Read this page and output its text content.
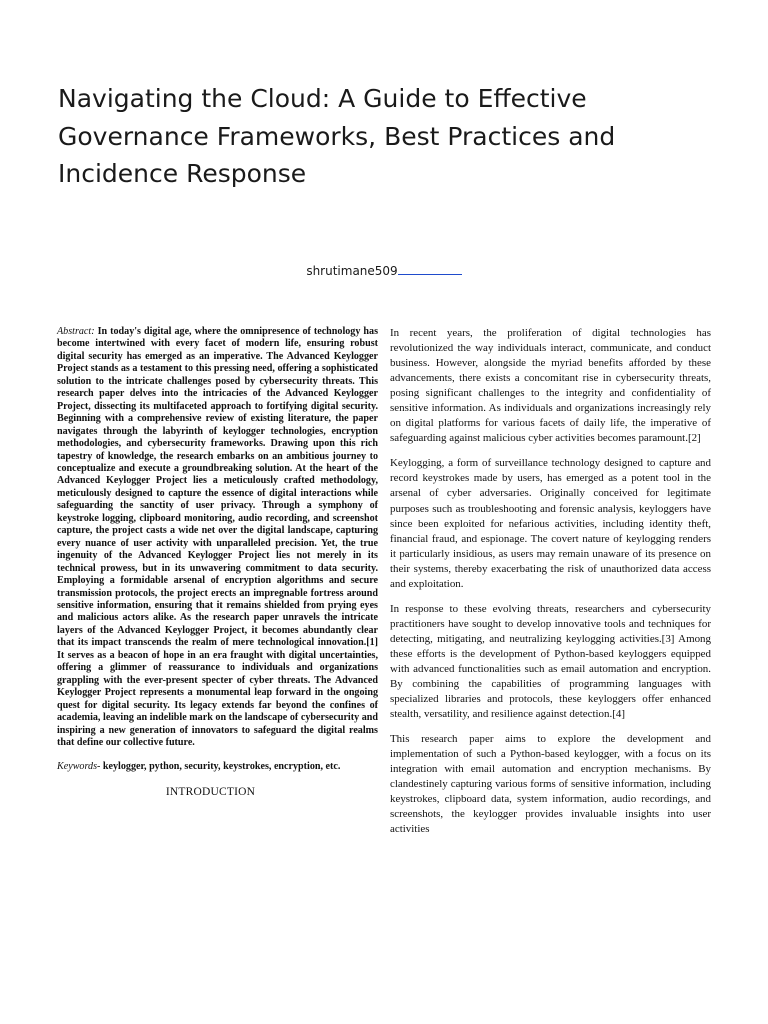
Navigating the Cloud: A Guide to Effective Governance Frameworks, Best Practices and Incidence Response
shrutimane509

Abstract: In today's digital age, where the omnipresence of technology has become intertwined with every facet of modern life, ensuring robust digital security has emerged as an imperative. The Advanced Keylogger Project stands as a testament to this pressing need, offering a sophisticated solution to the intricate challenges posed by cybersecurity threats. This research paper delves into the intricacies of the Advanced Keylogger Project, dissecting its multifaceted approach to fortifying digital security. Beginning with a comprehensive review of existing literature, the paper navigates through the labyrinth of keylogger technologies, encryption methodologies, and cybersecurity frameworks. Drawing upon this rich tapestry of knowledge, the research embarks on an ambitious journey to conceptualize and execute a groundbreaking solution. At the heart of the Advanced Keylogger Project lies a meticulously crafted methodology, meticulously designed to capture the essence of digital interactions while safeguarding the sanctity of user privacy. Through a symphony of keystroke logging, clipboard monitoring, audio recording, and screenshot capture, the project casts a wide net over the digital landscape, capturing every nuance of user activity with unparalleled precision. Yet, the true ingenuity of the Advanced Keylogger Project lies not merely in its technical prowess, but in its unwavering commitment to data security. Employing a formidable arsenal of encryption algorithms and secure transmission protocols, the project erects an impregnable fortress around sensitive information, ensuring that it remains shielded from prying eyes and malicious actors alike. As the research paper unravels the intricate layers of the Advanced Keylogger Project, it becomes abundantly clear that its impact transcends the realm of mere technological innovation.[1] It serves as a beacon of hope in an era fraught with digital uncertainties, offering a glimmer of reassurance to individuals and organizations grappling with the ever-present specter of cyber threats. The Advanced Keylogger Project represents a monumental leap forward in the ongoing quest for digital security. Its legacy extends far beyond the confines of academia, leaving an indelible mark on the landscape of cybersecurity and inspiring a new generation of innovators to safeguard the digital realms that define our collective future.

Keywords- keylogger, python, security, keystrokes, encryption, etc.

INTRODUCTION

In recent years, the proliferation of digital technologies has revolutionized the way individuals interact, communicate, and conduct business. However, alongside the myriad benefits afforded by these advancements, there exists a concomitant rise in cybersecurity threats, posing significant challenges to the integrity and confidentiality of sensitive information. As individuals and organizations increasingly rely on digital platforms for various facets of daily life, the imperative of safeguarding against malicious cyber activities becomes paramount.[2]

Keylogging, a form of surveillance technology designed to capture and record keystrokes made by users, has emerged as a potent tool in the arsenal of cyber adversaries. Originally conceived for legitimate purposes such as troubleshooting and forensic analysis, keyloggers have since been exploited for nefarious activities, including identity theft, financial fraud, and espionage. The covert nature of keylogging renders it particularly insidious, as users may remain unaware of its presence on their systems, thereby exacerbating the risk of unauthorized data access and exploitation.

In response to these evolving threats, researchers and cybersecurity practitioners have sought to develop innovative tools and techniques for detecting, mitigating, and neutralizing keylogging activities.[3] Among these efforts is the development of Python-based keyloggers equipped with advanced functionalities such as email automation and encryption. By combining the capabilities of programming languages with specialized libraries and protocols, these keyloggers offer enhanced stealth, versatility, and resilience against detection.[4]

This research paper aims to explore the development and implementation of such a Python-based keylogger, with a focus on its integration with email automation and encryption mechanisms. By clandestinely capturing various forms of sensitive information, including keystrokes, clipboard data, system information, audio recordings, and screenshots, the keylogger provides invaluable insights into user activities
